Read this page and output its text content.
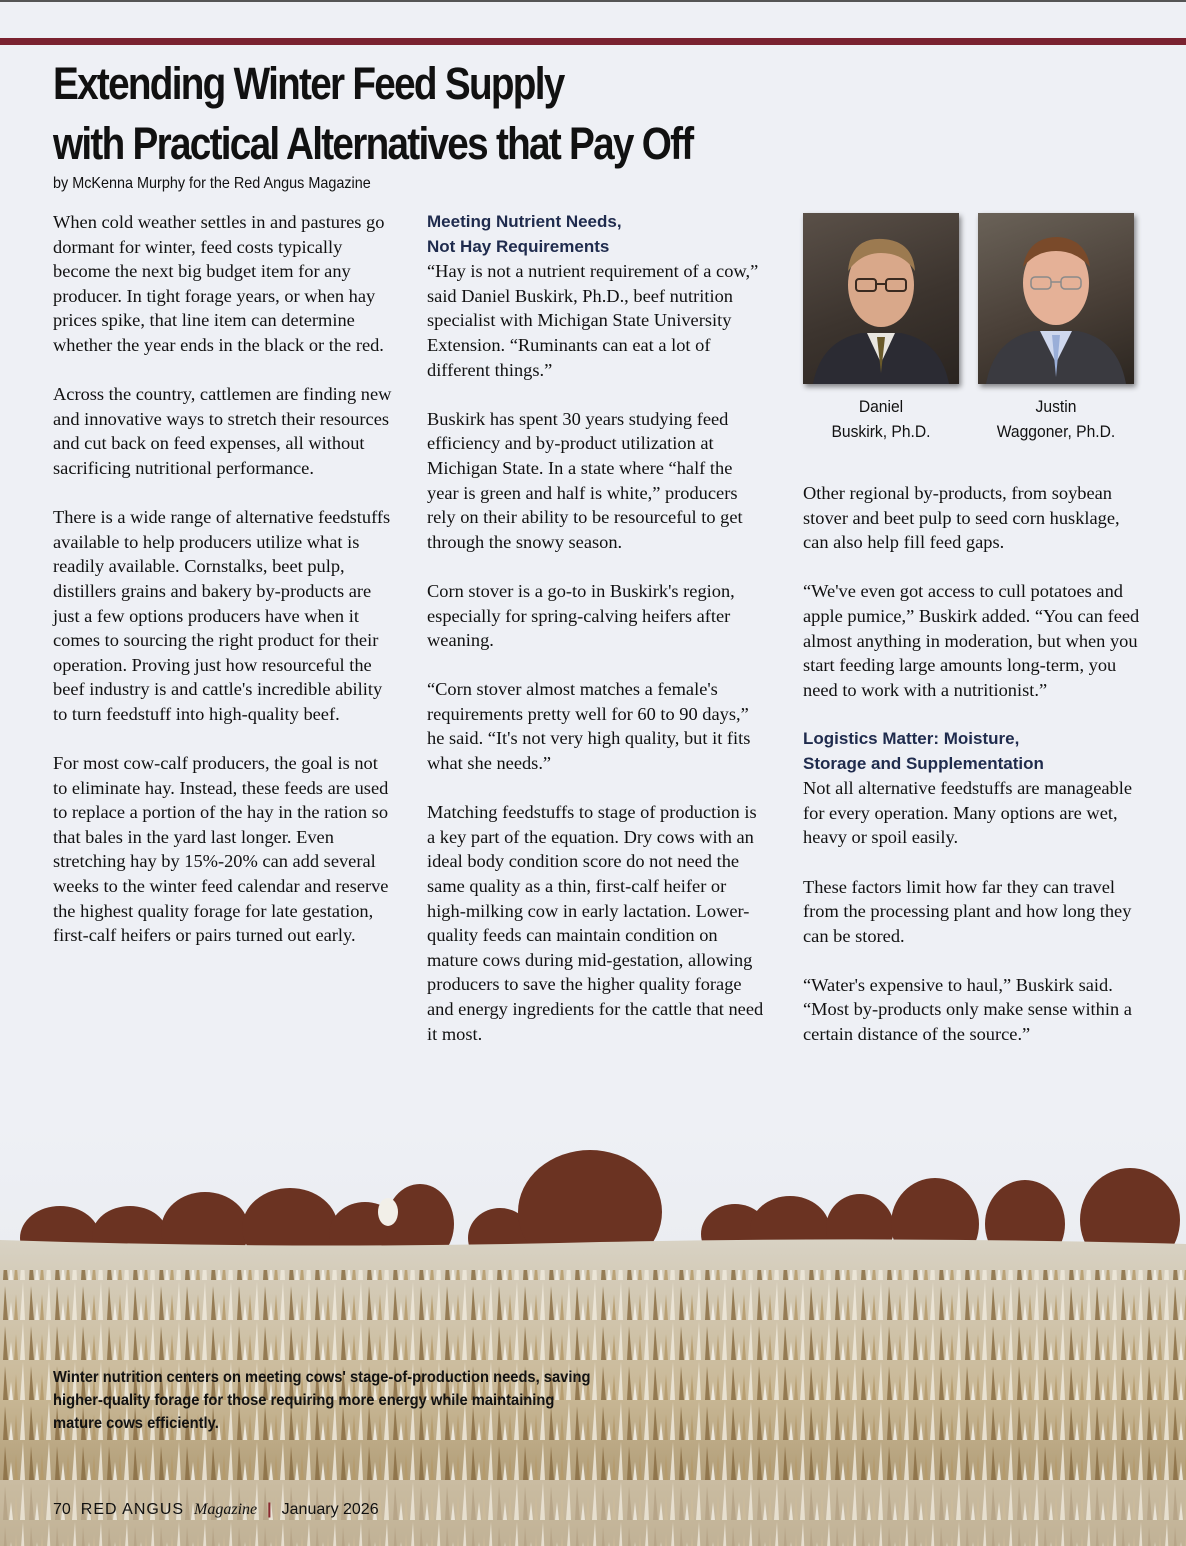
Extending Winter Feed Supply
with Practical Alternatives that Pay Off
by McKenna Murphy for the Red Angus Magazine

When cold weather settles in and pastures go dormant for winter, feed costs typically become the next big budget item for any producer. In tight forage years, or when hay prices spike, that line item can determine whether the year ends in the black or the red.

Across the country, cattlemen are finding new and innovative ways to stretch their resources and cut back on feed expenses, all without sacrificing nutritional performance.

There is a wide range of alternative feedstuffs available to help producers utilize what is readily available. Cornstalks, beet pulp, distillers grains and bakery by-products are just a few options producers have when it comes to sourcing the right product for their operation. Proving just how resourceful the beef industry is and cattle's incredible ability to turn feedstuff into high-quality beef.

For most cow-calf producers, the goal is not to eliminate hay. Instead, these feeds are used to replace a portion of the hay in the ration so that bales in the yard last longer. Even stretching hay by 15%-20% can add several weeks to the winter feed calendar and reserve the highest quality forage for late gestation, first-calf heifers or pairs turned out early.

Meeting Nutrient Needs,
Not Hay Requirements

“Hay is not a nutrient requirement of a cow,” said Daniel Buskirk, Ph.D., beef nutrition specialist with Michigan State University Extension. “Ruminants can eat a lot of different things.”

Buskirk has spent 30 years studying feed efficiency and by-product utilization at Michigan State. In a state where “half the year is green and half is white,” producers rely on their ability to be resourceful to get through the snowy season.

Corn stover is a go-to in Buskirk's region, especially for spring-calving heifers after weaning.

“Corn stover almost matches a female's requirements pretty well for 60 to 90 days,” he said. “It's not very high quality, but it fits what she needs.”

Matching feedstuffs to stage of production is a key part of the equation. Dry cows with an ideal body condition score do not need the same quality as a thin, first-calf heifer or high-milking cow in early lactation. Lower-quality feeds can maintain condition on mature cows during mid-gestation, allowing producers to save the higher quality forage and energy ingredients for the cattle that need it most.

Daniel
Buskirk, Ph.D.
Justin
Waggoner, Ph.D.

Other regional by-products, from soybean stover and beet pulp to seed corn husklage, can also help fill feed gaps.

“We've even got access to cull potatoes and apple pumice,” Buskirk added. “You can feed almost anything in moderation, but when you start feeding large amounts long-term, you need to work with a nutritionist.”

Logistics Matter: Moisture,
Storage and Supplementation

Not all alternative feedstuffs are manageable for every operation. Many options are wet, heavy or spoil easily.

These factors limit how far they can travel from the processing plant and how long they can be stored.

“Water's expensive to haul,” Buskirk said. “Most by-products only make sense within a certain distance of the source.”

Winter nutrition centers on meeting cows' stage-of-production needs, saving higher-quality forage for those requiring more energy while maintaining mature cows efficiently.
70 RED ANGUS Magazine | January 2026
